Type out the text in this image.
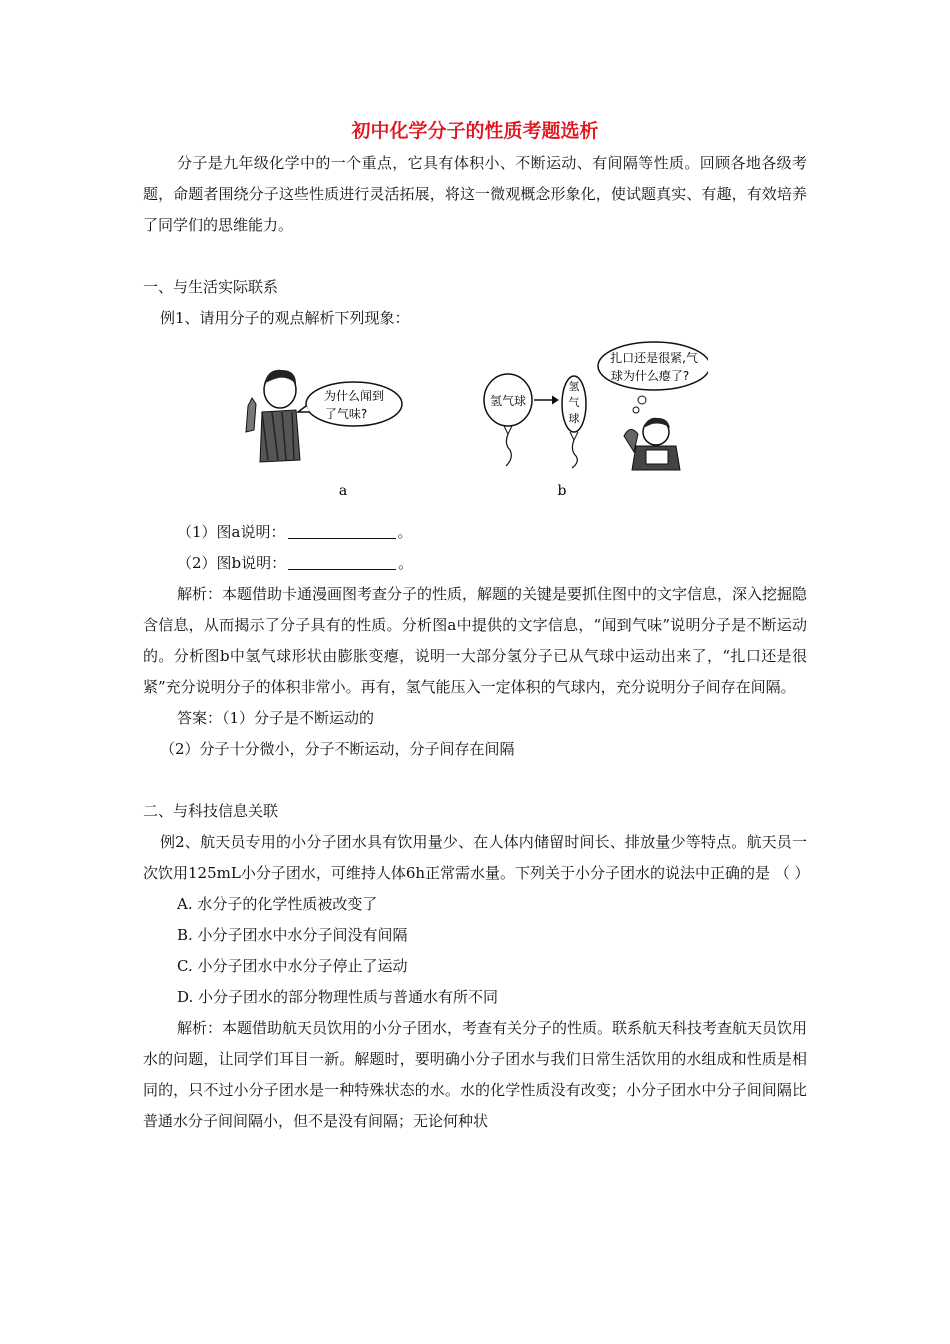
初中化学分子的性质考题选析

分子是九年级化学中的一个重点，它具有体积小、不断运动、有间隔等性质。回顾各地各级考题，命题者围绕分子这些性质进行灵活拓展，将这一微观概念形象化，使试题真实、有趣，有效培养了同学们的思维能力。

一、与生活实际联系

例1、请用分子的观点解析下列现象：

为什么闻到
了气味?
氢气球
氢
气
球
扎口还是很紧,气
球为什么瘪了?
a	b

（1）图a说明：	。

（2）图b说明：	。

解析：本题借助卡通漫画图考查分子的性质，解题的关键是要抓住图中的文字信息，深入挖掘隐含信息，从而揭示了分子具有的性质。分析图a中提供的文字信息，“闻到气味”说明分子是不断运动的。分析图b中氢气球形状由膨胀变瘪，说明一大部分氢分子已从气球中运动出来了，“扎口还是很紧”充分说明分子的体积非常小。再有，氢气能压入一定体积的气球内，充分说明分子间存在间隔。

答案：（1）分子是不断运动的

（2）分子十分微小，分子不断运动，分子间存在间隔

二、与科技信息关联

例2、航天员专用的小分子团水具有饮用量少、在人体内储留时间长、排放量少等特点。航天员一次饮用125mL小分子团水，可维持人体6h正常需水量。下列关于小分子团水的说法中正确的是 （ ）

A. 水分子的化学性质被改变了

B. 小分子团水中水分子间没有间隔

C. 小分子团水中水分子停止了运动

D. 小分子团水的部分物理性质与普通水有所不同

解析：本题借助航天员饮用的小分子团水，考查有关分子的性质。联系航天科技考查航天员饮用水的问题，让同学们耳目一新。解题时，要明确小分子团水与我们日常生活饮用的水组成和性质是相同的，只不过小分子团水是一种特殊状态的水。水的化学性质没有改变；小分子团水中分子间间隔比普通水分子间间隔小，但不是没有间隔；无论何种状
